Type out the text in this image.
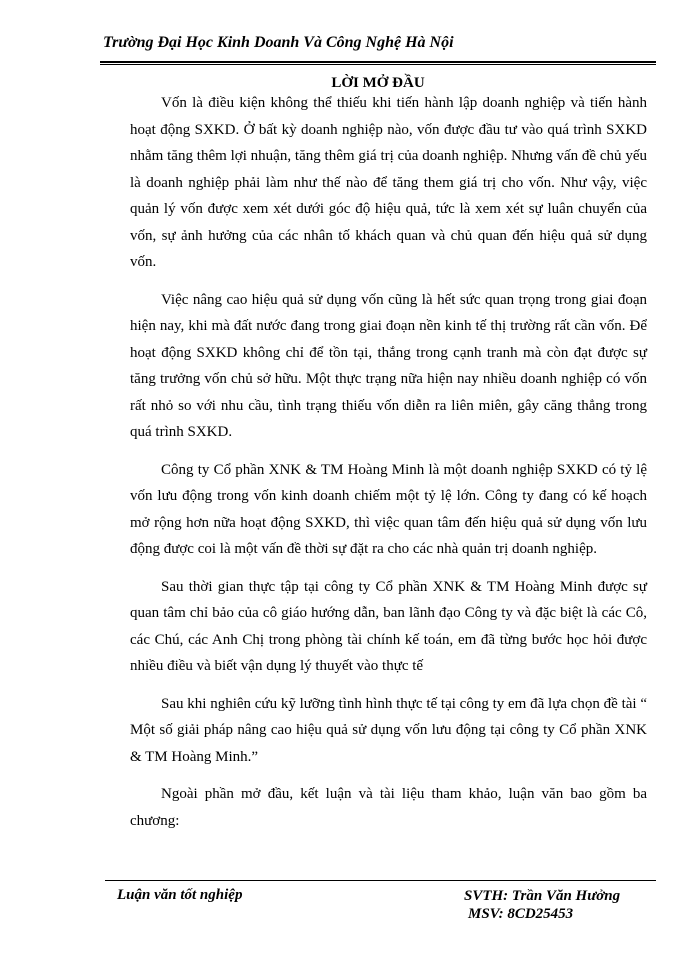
Trường Đại Học Kinh Doanh Và Công Nghệ Hà Nội
LỜI MỞ ĐẦU

Vốn là điều kiện không thể thiếu khi tiến hành lập doanh nghiệp và tiến hành hoạt động SXKD. Ở bất kỳ doanh nghiệp nào, vốn được đầu tư vào quá trình SXKD nhằm tăng thêm lợi nhuận, tăng thêm giá trị của doanh nghiệp. Nhưng vấn đề chủ yếu là doanh nghiệp phải làm như thế nào để tăng them giá trị cho vốn. Như vậy, việc quản lý vốn được xem xét dưới góc độ hiệu quả, tức là xem xét sự luân chuyển của vốn, sự ảnh hưởng của các nhân tố khách quan và chủ quan đến hiệu quả sử dụng vốn.

Việc nâng cao hiệu quả sử dụng vốn cũng là hết sức quan trọng trong giai đoạn hiện nay, khi mà đất nước đang trong giai đoạn nền kinh tế thị trường rất cần vốn. Để hoạt động SXKD không chỉ để tồn tại, thắng trong cạnh tranh mà còn đạt được sự tăng trưởng vốn chủ sở hữu. Một thực trạng nữa hiện nay nhiều doanh nghiệp có vốn rất nhỏ so với nhu cầu, tình trạng thiếu vốn diễn ra liên miên, gây căng thẳng trong quá trình SXKD.

Công ty Cổ phần XNK & TM Hoàng Minh là một doanh nghiệp SXKD có tỷ lệ vốn lưu động trong vốn kinh doanh chiếm một tỷ lệ lớn. Công ty đang có kế hoạch mở rộng hơn nữa hoạt động SXKD, thì việc quan tâm đến hiệu quả sử dụng vốn lưu động được coi là một vấn đề thời sự đặt ra cho các nhà quản trị doanh nghiệp.

Sau thời gian thực tập tại công ty Cổ phần XNK & TM Hoàng Minh được sự quan tâm chỉ bảo của cô giáo hướng dẫn, ban lãnh đạo Công ty và đặc biệt là các Cô, các Chú, các Anh Chị trong phòng tài chính kế toán, em đã từng bước học hỏi được nhiều điều và biết vận dụng lý thuyết vào thực tế

Sau khi nghiên cứu kỹ lưỡng tình hình thực tế tại công ty em đã lựa chọn đề tài “ Một số giải pháp nâng cao hiệu quả sử dụng vốn lưu động tại công ty Cổ phần XNK & TM Hoàng Minh.”

Ngoài phần mở đầu, kết luận và tài liệu tham khảo, luận văn bao gồm ba chương:

Luận văn tốt nghiệp	SVTH: Trần Văn Hưởng
MSV: 8CD25453
